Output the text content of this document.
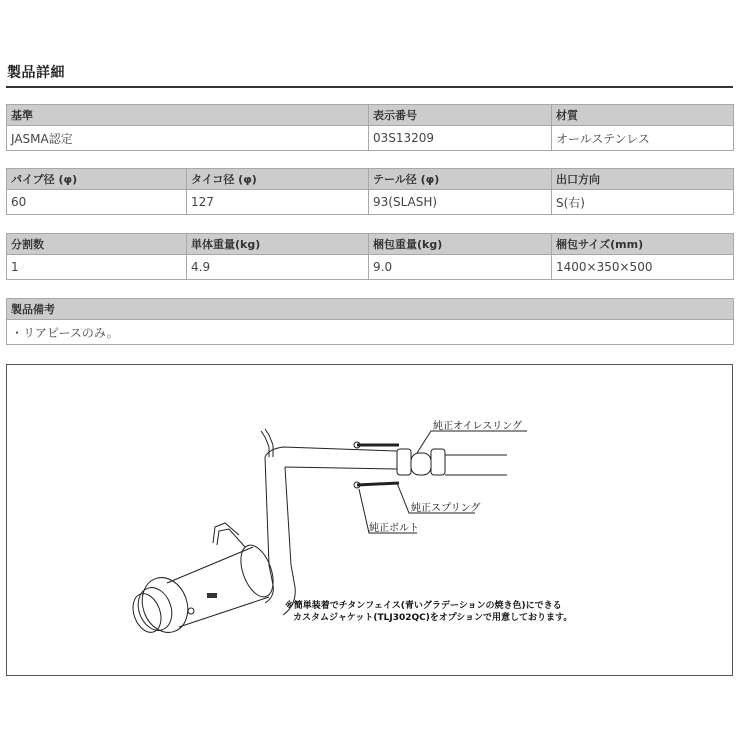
製品詳細
基準	表示番号	材質
JASMA認定	03S13209	オールステンレス
パイプ径 (φ)	タイコ径 (φ)	テール径 (φ)	出口方向
60	127	93(SLASH)	S(右)
分割数	単体重量(kg)	梱包重量(kg)	梱包サイズ(mm)
1	4.9	9.0	1400×350×500
製品備考
・リアピースのみ。
純正オイレスリング
純正スプリング
純正ボルト
※簡単装着でチタンフェイス(青いグラデーションの焼き色)にできる
カスタムジャケット(TLJ302QC)をオプションで用意しております。
